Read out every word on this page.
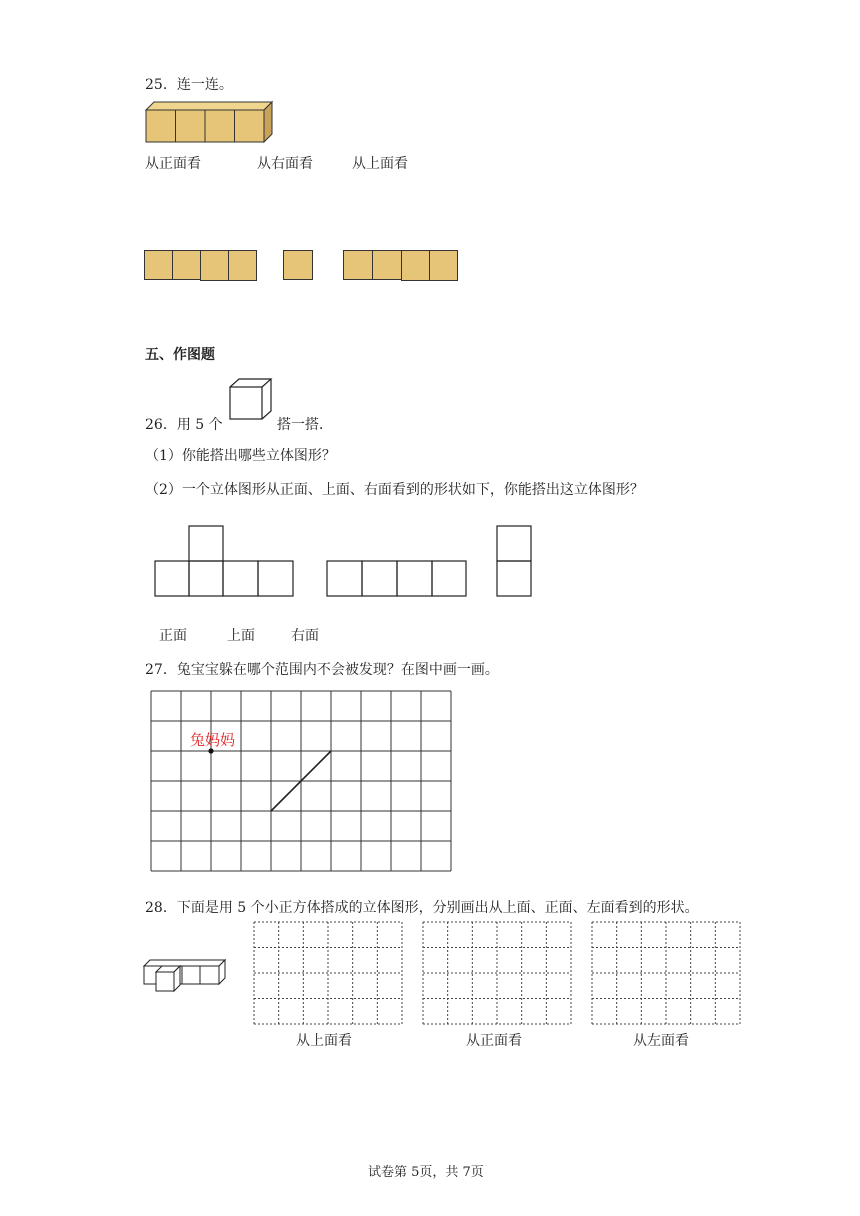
25．连一连。
从正面看	从右面看	从上面看
五、作图题
26．用 5 个	搭一搭．
（1）你能搭出哪些立体图形？
（2）一个立体图形从正面、上面、右面看到的形状如下，你能搭出这立体图形？
正面	上面	右面
27．兔宝宝躲在哪个范围内不会被发现？在图中画一画。
兔妈妈
28．下面是用 5 个小正方体搭成的立体图形，分别画出从上面、正面、左面看到的形状。
从上面看	从正面看	从左面看
试卷第 5页，共 7页
